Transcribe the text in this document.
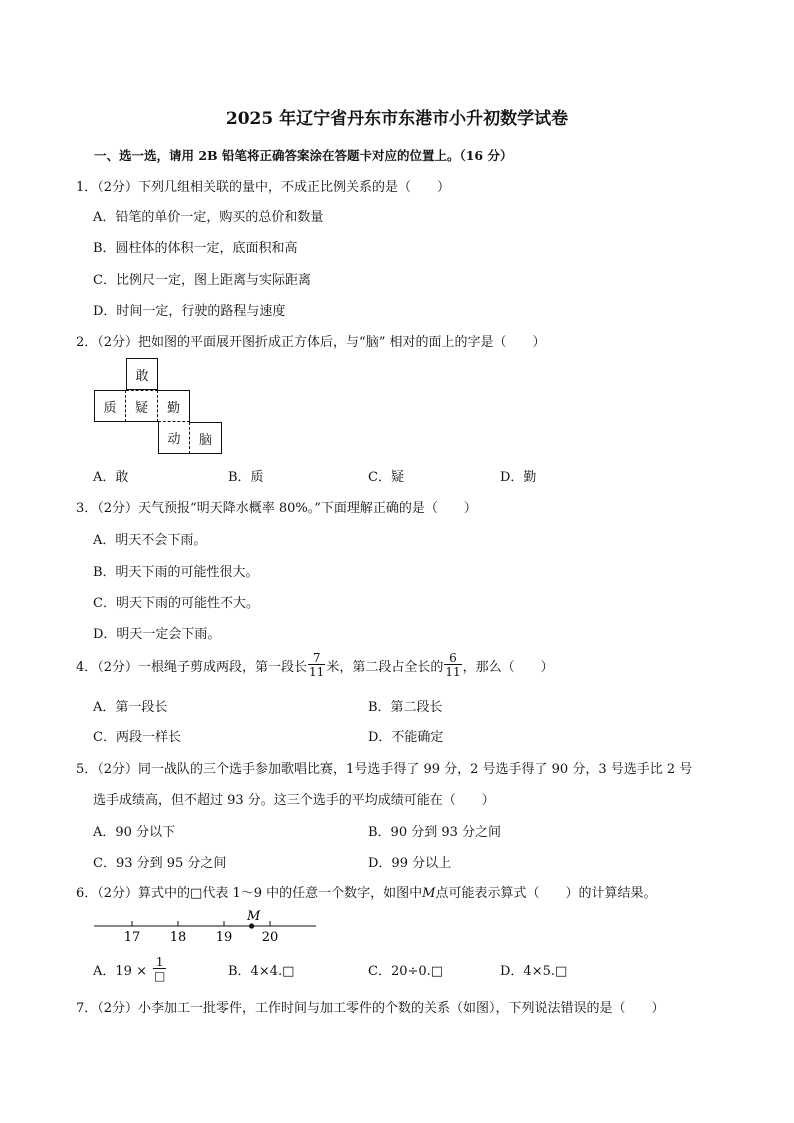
2025 年辽宁省丹东市东港市小升初数学试卷
一、选一选，请用 2B 铅笔将正确答案涂在答题卡对应的位置上。（16 分）
1．（2分）下列几组相关联的量中，不成正比例关系的是（　　）
A．铅笔的单价一定，购买的总价和数量
B．圆柱体的体积一定，底面积和高
C．比例尺一定，图上距离与实际距离
D．时间一定，行驶的路程与速度
2．（2分）把如图的平面展开图折成正方体后，与“脑” 相对的面上的字是（　　）
敢
质	疑	勤
动	脑
A．敢	B．质	C．疑	D．勤
3．（2分）天气预报“明天降水概率 80%。”下面理解正确的是（　　）
A．明天不会下雨。
B．明天下雨的可能性很大。
C．明天下雨的可能性不大。
D．明天一定会下雨。
4．（2分）一根绳子剪成两段，第一段长 $\frac{7}{11}$ 米，第二段占全长的 $\frac{6}{11}$ ，那么（　　）
A．第一段长	B．第二段长
C．两段一样长	D．不能确定
5．（2分）同一战队的三个选手参加歌唱比赛，1号选手得了 99 分，2 号选手得了 90 分，3 号选手比 2 号
选手成绩高，但不超过 93 分。这三个选手的平均成绩可能在（　　）
A．90 分以下	B．90 分到 93 分之间
C．93 分到 95 分之间	D．99 分以上
6．（2分）算式中的□代表 1～9 中的任意一个数字，如图中M点可能表示算式（　　）的计算结果。
17 18 19 20
M
A．$19 \times \frac{1}{□}$	B．4×4.□	C．20÷0.□	D．4×5.□
7．（2分）小李加工一批零件，工作时间与加工零件的个数的关系（如图），下列说法错误的是（　　）
